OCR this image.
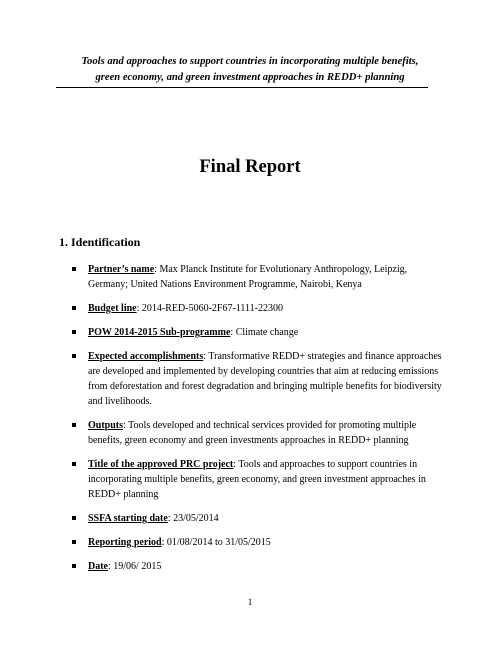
Tools and approaches to support countries in incorporating multiple benefits,
green economy, and green investment approaches in REDD+ planning
Final Report
1. Identification
Partner’s name: Max Planck Institute for Evolutionary Anthropology, Leipzig, Germany; United Nations Environment Programme, Nairobi, Kenya
Budget line: 2014-RED-5060-2F67-1111-22300
POW 2014-2015 Sub-programme: Climate change
Expected accomplishments: Transformative REDD+ strategies and finance approaches are developed and implemented by developing countries that aim at reducing emissions from deforestation and forest degradation and bringing multiple benefits for biodiversity and livelihoods.
Outputs: Tools developed and technical services provided for promoting multiple benefits, green economy and green investments approaches in REDD+ planning
Title of the approved PRC project: Tools and approaches to support countries in incorporating multiple benefits, green economy, and green investment approaches in REDD+ planning
SSFA starting date: 23/05/2014
Reporting period: 01/08/2014 to 31/05/2015
Date: 19/06/ 2015
1
